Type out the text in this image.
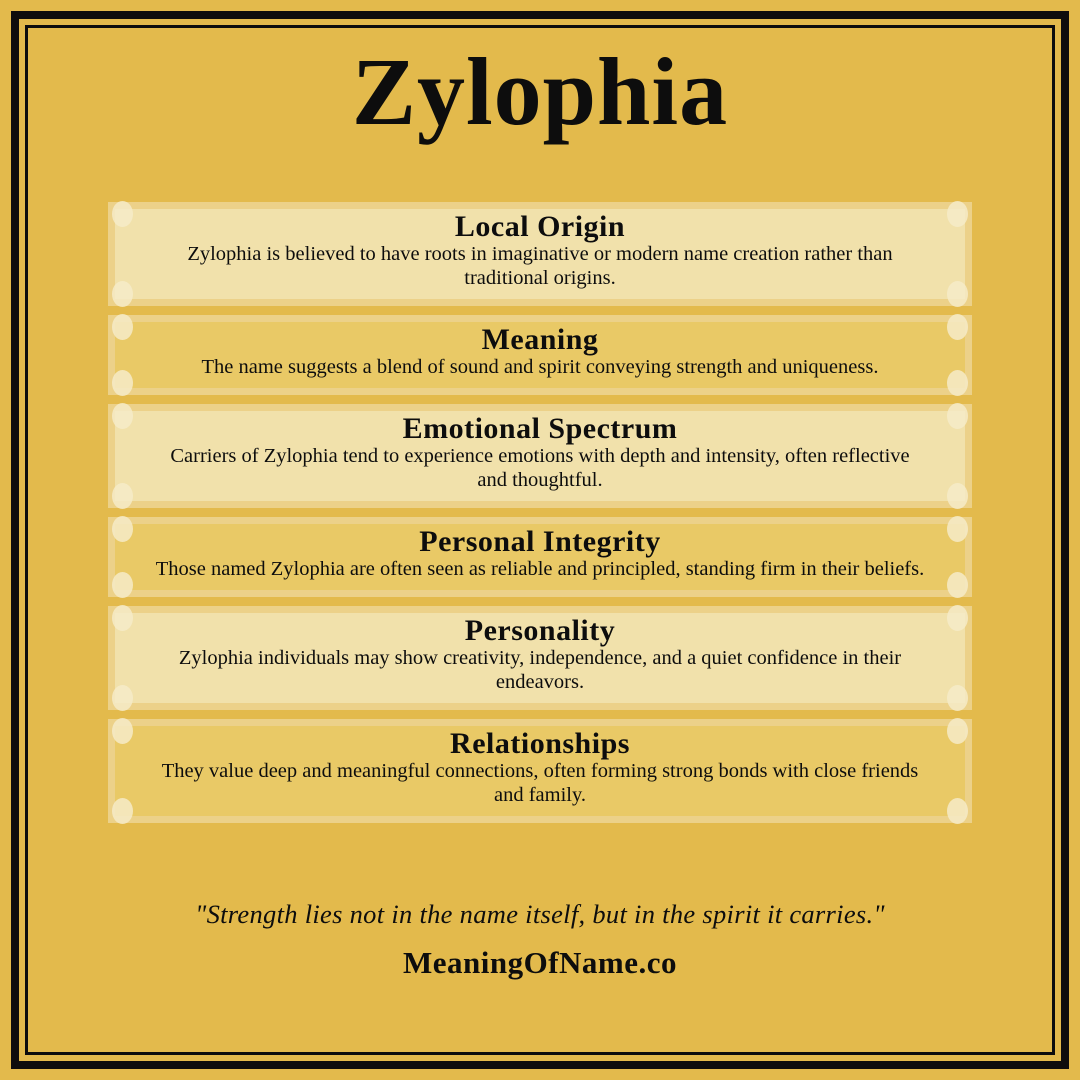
Zylophia
Local Origin
Zylophia is believed to have roots in imaginative or modern name creation rather than traditional origins.
Meaning
The name suggests a blend of sound and spirit conveying strength and uniqueness.
Emotional Spectrum
Carriers of Zylophia tend to experience emotions with depth and intensity, often reflective and thoughtful.
Personal Integrity
Those named Zylophia are often seen as reliable and principled, standing firm in their beliefs.
Personality
Zylophia individuals may show creativity, independence, and a quiet confidence in their endeavors.
Relationships
They value deep and meaningful connections, often forming strong bonds with close friends and family.
"Strength lies not in the name itself, but in the spirit it carries."
MeaningOfName.co
